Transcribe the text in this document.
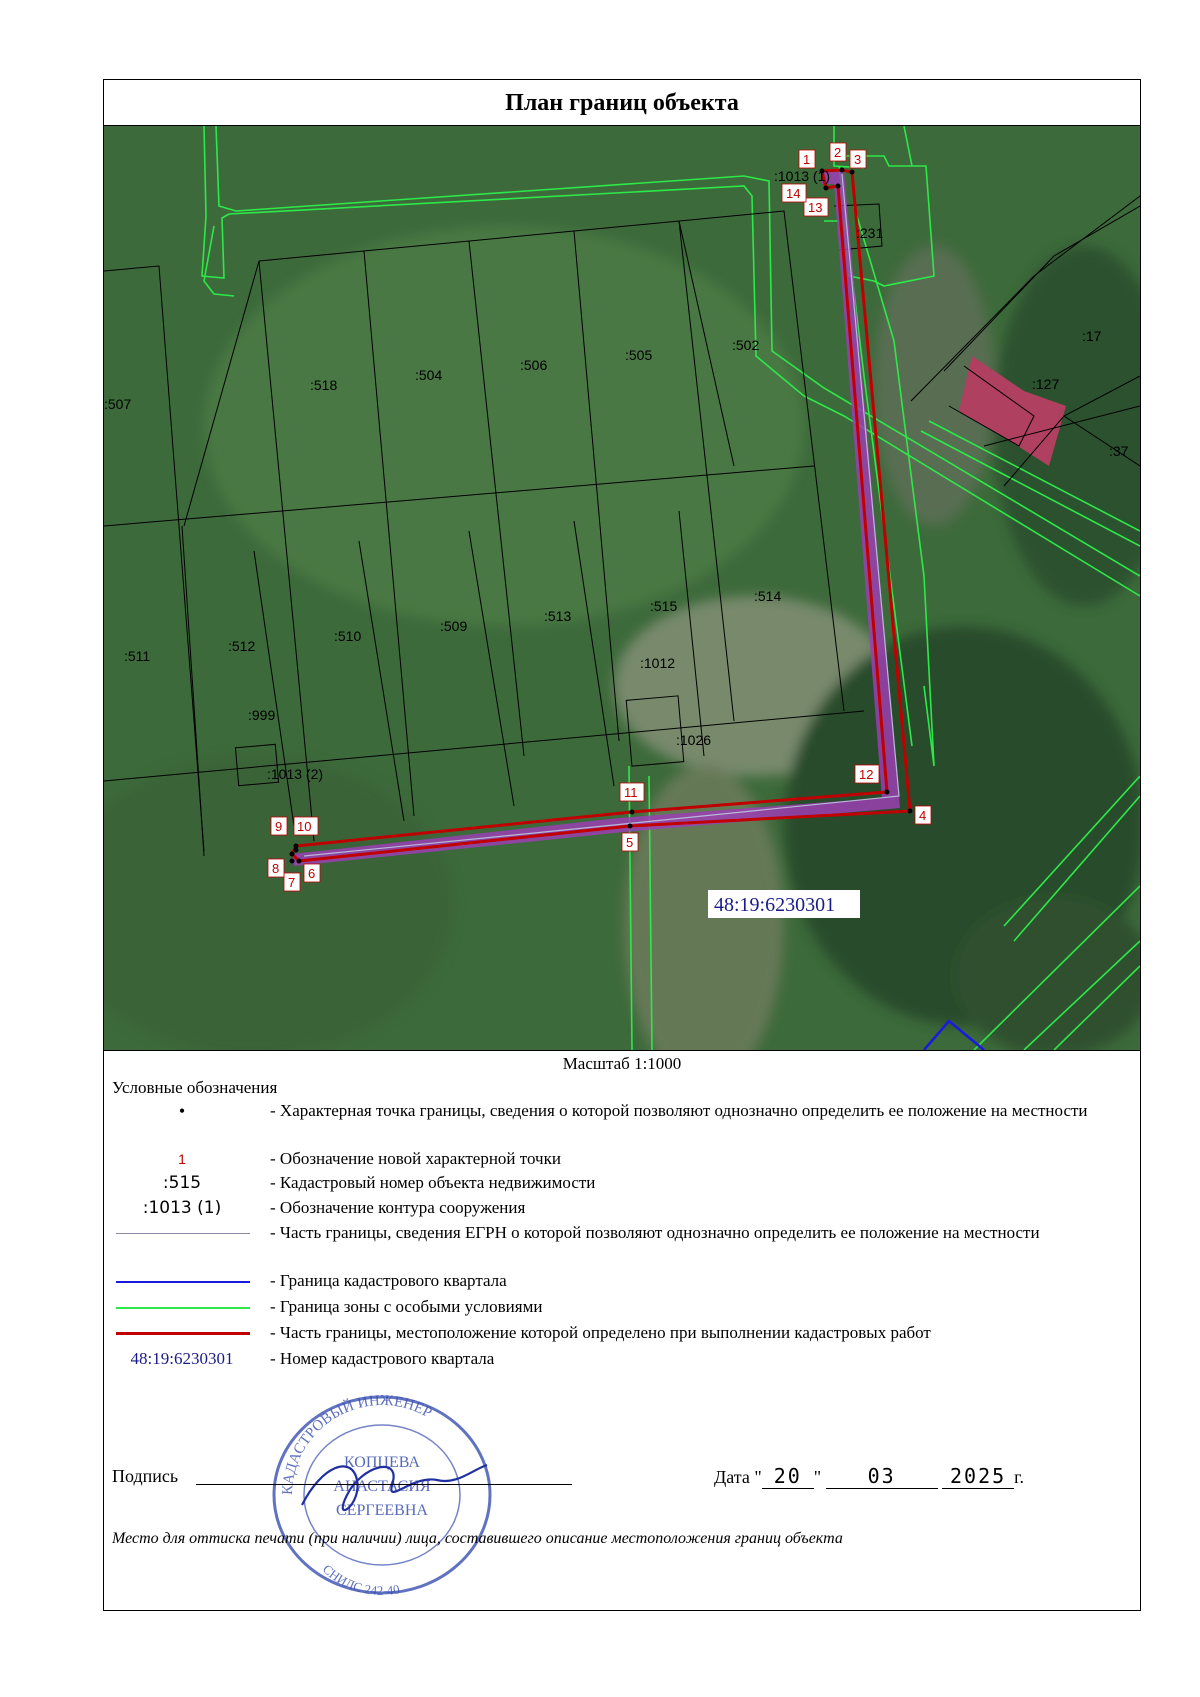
План границ объекта
:507
:518
:504
:506
:505
:502
:511
:512
:510
:509
:513
:515
:514
:1012
:999
:1026
:231
:17
:127
:37
:1013 (1)
:1013 (2)
1 2 3
4
5
6
7
8
9 10
11
12
13
14
48:19:6230301
Масштаб 1:1000
Условные обозначения
•	- Характерная точка границы, сведения о которой позволяют однозначно определить ее положение на местности
1	- Обозначение новой характерной точки
:515	- Кадастровый номер объекта недвижимости
:1013 (1)	- Обозначение контура сооружения
- Часть границы, сведения ЕГРН о которой позволяют однозначно определить ее положение на местности
- Граница кадастрового квартала
- Граница зоны с особыми условиями
- Часть границы, местоположение которой определено при выполнении кадастровых работ
48:19:6230301	- Номер кадастрового квартала
КАДАСТРОВЫЙ ИНЖЕНЕР
КОПЦЕВА
АНАСТАСИЯ
СЕРГЕЕВНА
СНИЛС 242-40
Подпись	Дата " 20 " 03	2025 г.
Место для оттиска печати (при наличии) лица, составившего описание местоположения границ объекта
